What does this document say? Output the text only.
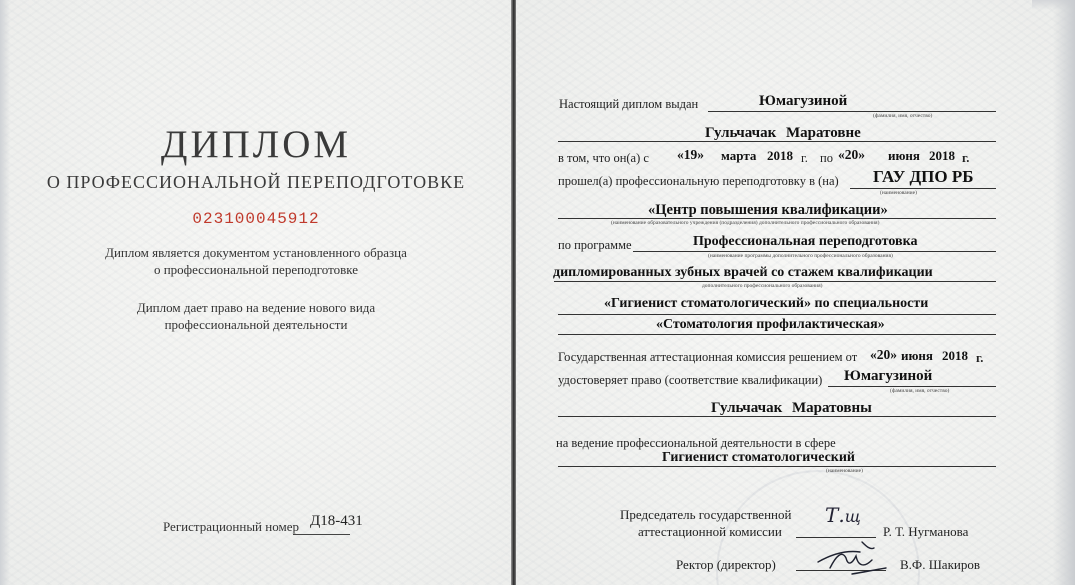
ДИПЛОМ
О ПРОФЕССИОНАЛЬНОЙ ПЕРЕПОДГОТОВКЕ
023100045912
Диплом является документом установленного образца
о профессиональной переподготовке
Диплом дает право на ведение нового вида
профессиональной деятельности
Регистрационный номер Д18-431
Настоящий диплом выдан	Юмагузиной
(фамилия, имя, отчество)
Гульчачак Маратовне
в том, что он(а) с «19» марта 2018 г. по «20» июня 2018 г.
прошел(а) профессиональную переподготовку в (на) ГАУ ДПО РБ
(наименование)
«Центр повышения квалификации»
(наименование образовательного учреждения (подразделения) дополнительного профессионального образования)
по программе	Профессиональная переподготовка
(наименование программы дополнительного профессионального образования)
дипломированных зубных врачей со стажем квалификации
дополнительного профессионального образования)
«Гигиенист стоматологический» по специальности
«Стоматология профилактическая»
Государственная аттестационная комиссия решением от «20» июня 2018 г.
удостоверяет право (соответствие квалификации) Юмагузиной
(фамилия, имя, отчество)
Гульчачак Маратовны
на ведение профессиональной деятельности в сфере
Гигиенист стоматологический
(наименование)
Председатель государственной
аттестационной комиссии
Т.щ
Р. Т. Нугманова
Ректор (директор)	В.Ф. Шакиров
